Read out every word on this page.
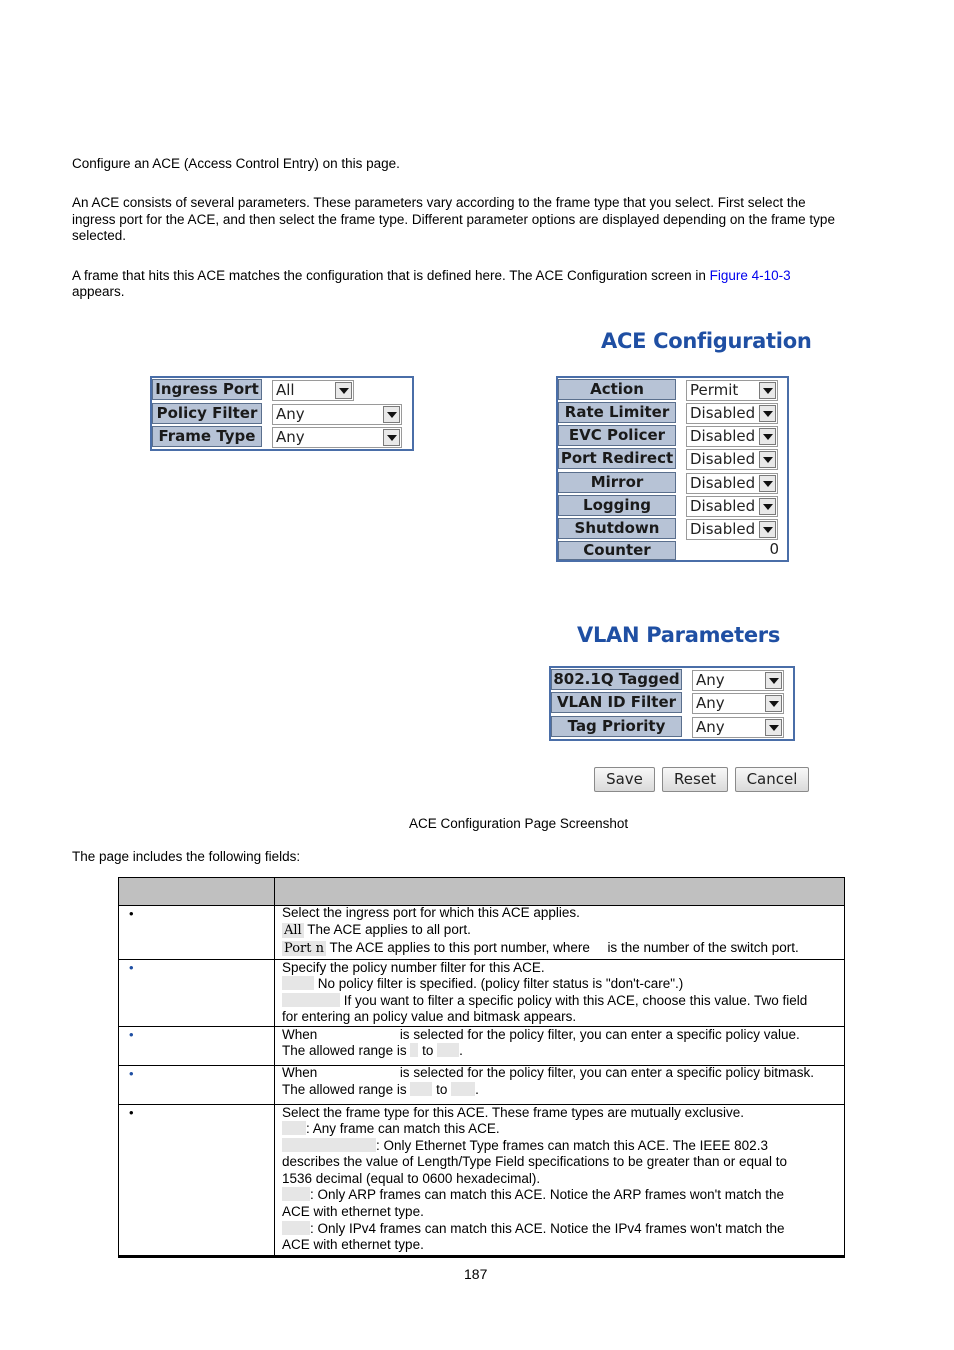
Configure an ACE (Access Control Entry) on this page.
An ACE consists of several parameters. These parameters vary according to the frame type that you select. First select the
ingress port for the ACE, and then select the frame type. Different parameter options are displayed depending on the frame type
selected.
A frame that hits this ACE matches the configuration that is defined here. The ACE Configuration screen in Figure 4-10-3
appears.
ACE Configuration
Ingress Port All
Policy Filter	Any
Frame Type	Any
Action	Permit
Rate Limiter	Disabled
EVC Policer	Disabled
Port Redirect Disabled
Mirror	Disabled
Logging	Disabled
Shutdown	Disabled
Counter	0
VLAN Parameters
802.1Q Tagged Any
VLAN ID Filter	Any
Tag Priority	Any
Save	Reset	Cancel
ACE Configuration Page Screenshot
The page includes the following fields:
•	Select the ingress port for which this ACE applies.
All The ACE applies to all port.
Port n The ACE applies to this port number, where is the number of the switch port.
•	Specify the policy number filter for this ACE.
No policy filter is specified. (policy filter status is "don't-care".)
If you want to filter a specific policy with this ACE, choose this value. Two field
for entering an policy value and bitmask appears.
•	When	is selected for the policy filter, you can enter a specific policy value.
The allowed range is to .
•	When	is selected for the policy filter, you can enter a specific policy bitmask.
The allowed range is to .
•	Select the frame type for this ACE. These frame types are mutually exclusive.
: Any frame can match this ACE.
: Only Ethernet Type frames can match this ACE. The IEEE 802.3
describes the value of Length/Type Field specifications to be greater than or equal to
1536 decimal (equal to 0600 hexadecimal).
: Only ARP frames can match this ACE. Notice the ARP frames won't match the
ACE with ethernet type.
: Only IPv4 frames can match this ACE. Notice the IPv4 frames won't match the
ACE with ethernet type.
187
